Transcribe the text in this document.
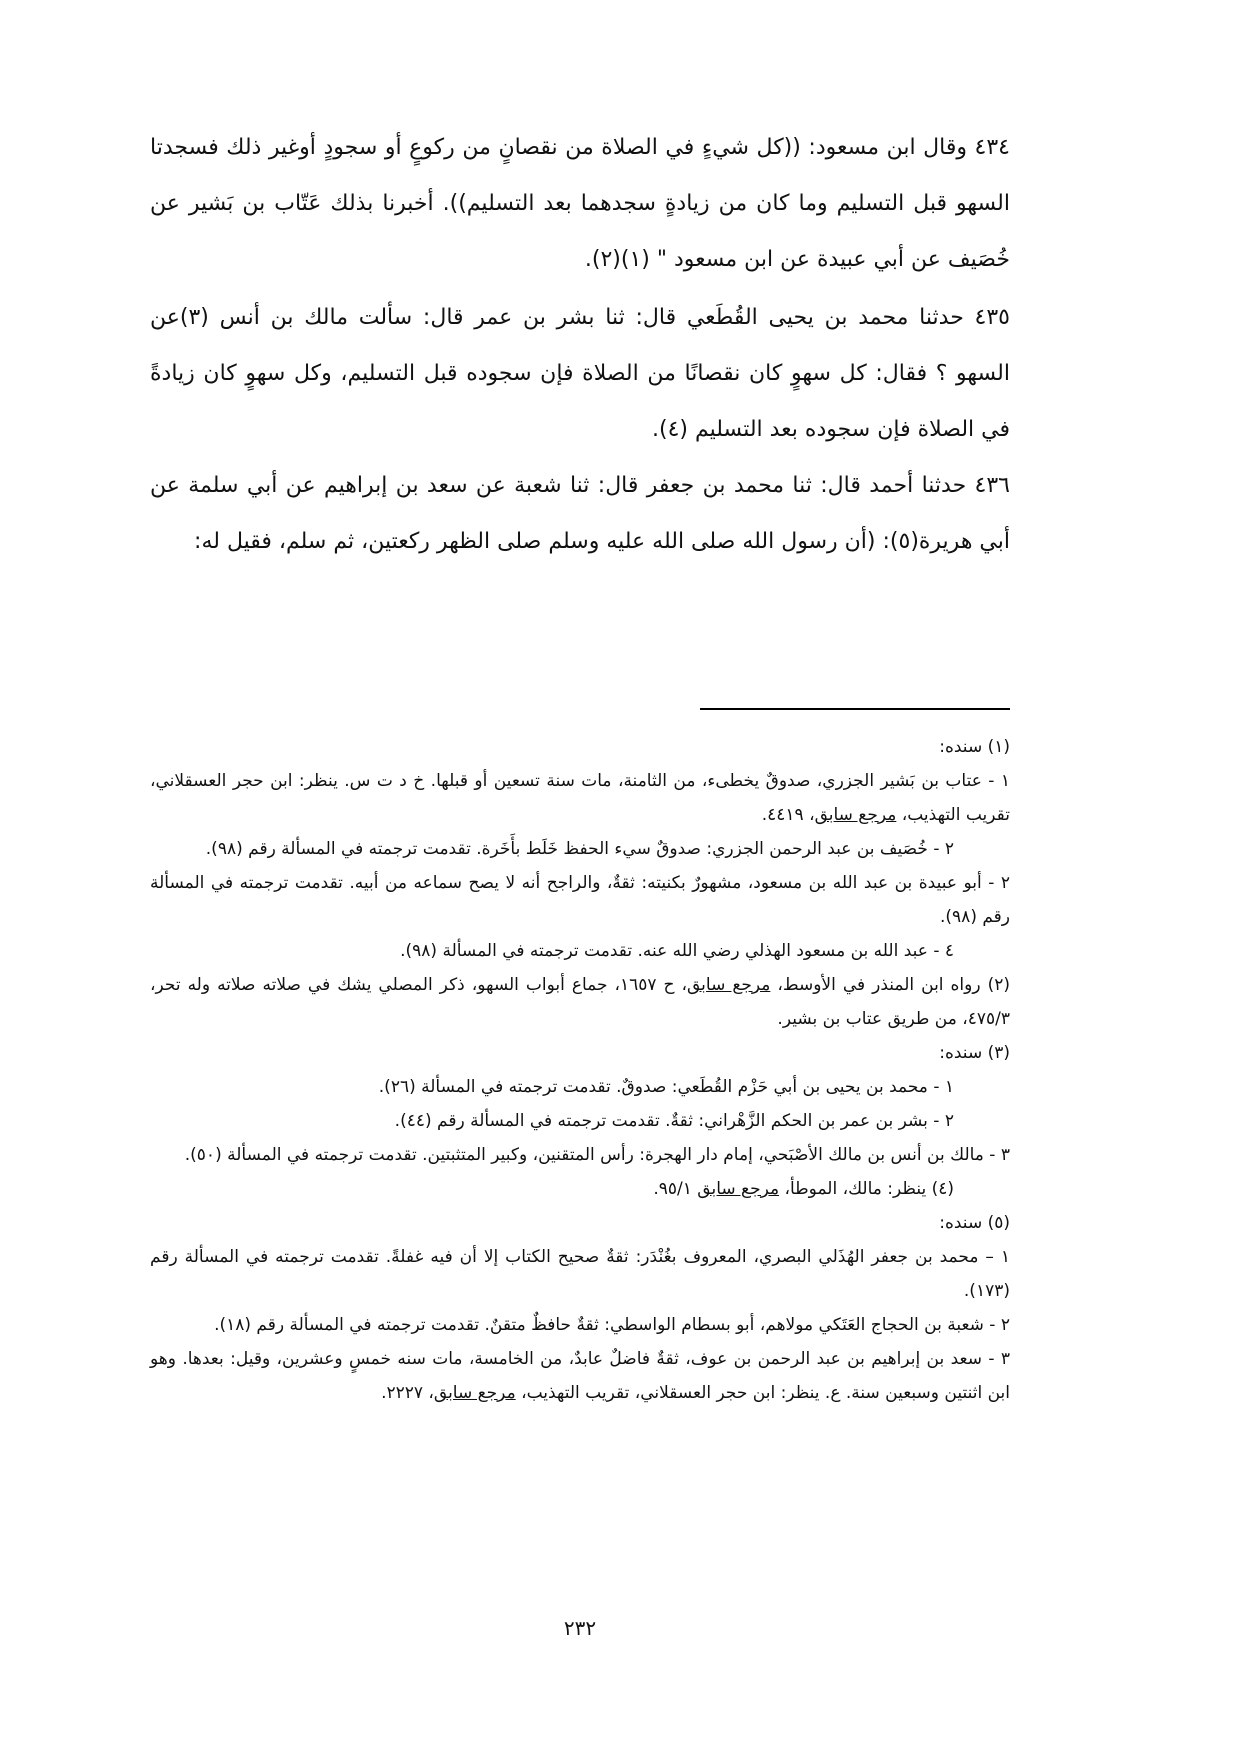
٤٣٤ وقال ابن مسعود: ((كل شيءٍ في الصلاة من نقصانٍ من ركوعٍ أو سجودٍ أوغير ذلك فسجدتا السهو قبل التسليم وما كان من زيادةٍ سجدهما بعد التسليم)). أخبرنا بذلك عَتّاب بن بَشير عن خُصَيف عن أبي عبيدة عن ابن مسعود " (١)(٢).

٤٣٥ حدثنا محمد بن يحيى القُطَعي قال: ثنا بشر بن عمر قال: سألت مالك بن أنس (٣)عن السهو ؟ فقال: كل سهوٍ كان نقصانًا من الصلاة فإن سجوده قبل التسليم، وكل سهوٍ كان زيادةً في الصلاة فإن سجوده بعد التسليم (٤).

٤٣٦ حدثنا أحمد قال: ثنا محمد بن جعفر قال: ثنا شعبة عن سعد بن إبراهيم عن أبي سلمة عن أبي هريرة(٥): (أن رسول الله صلى الله عليه وسلم صلى الظهر ركعتين، ثم سلم، فقيل له:

(١) سنده:

١ - عتاب بن بَشير الجزري، صدوقٌ يخطىء، من الثامنة، مات سنة تسعين أو قبلها. خ د ت س. ينظر: ابن حجر العسقلاني، تقريب التهذيب، مرجع سابق، ٤٤١٩.

٢ - خُصَيف بن عبد الرحمن الجزري: صدوقٌ سيء الحفظ خَلَط بأَخَرة. تقدمت ترجمته في المسألة رقم (٩٨).

٢ - أبو عبيدة بن عبد الله بن مسعود، مشهورٌ بكنيته: ثقةٌ، والراجح أنه لا يصح سماعه من أبيه. تقدمت ترجمته في المسألة رقم (٩٨).

٤ - عبد الله بن مسعود الهذلي رضي الله عنه. تقدمت ترجمته في المسألة (٩٨).

(٢) رواه ابن المنذر في الأوسط، مرجع سابق، ح ١٦٥٧، جماع أبواب السهو، ذكر المصلي يشك في صلاته صلاته وله تحر، ٤٧٥/٣، من طريق عتاب بن بشير.

(٣) سنده:

١ - محمد بن يحيى بن أبي حَزْم القُطَعي: صدوقٌ. تقدمت ترجمته في المسألة (٢٦).

٢ - بشر بن عمر بن الحكم الزَّهْراني: ثقةٌ. تقدمت ترجمته في المسألة رقم (٤٤).

٣ - مالك بن أنس بن مالك الأصْبَحي، إمام دار الهجرة: رأس المتقنين، وكبير المتثبتين. تقدمت ترجمته في المسألة (٥٠).

(٤) ينظر: مالك، الموطأ، مرجع سابق ٩٥/١.

(٥) سنده:

١ – محمد بن جعفر الهُذَلي البصري، المعروف بغُنْدَر: ثقةٌ صحيح الكتاب إلا أن فيه غفلةً. تقدمت ترجمته في المسألة رقم (١٧٣).

٢ - شعبة بن الحجاج العَتَكي مولاهم، أبو بسطام الواسطي: ثقةٌ حافظٌ متقنٌ. تقدمت ترجمته في المسألة رقم (١٨).

٣ - سعد بن إبراهيم بن عبد الرحمن بن عوف، ثقةٌ فاضلٌ عابدٌ، من الخامسة، مات سنه خمسٍ وعشرين، وقيل: بعدها. وهو ابن اثنتين وسبعين سنة. ع. ينظر: ابن حجر العسقلاني، تقريب التهذيب، مرجع سابق، ٢٢٢٧.

٢٣٢
